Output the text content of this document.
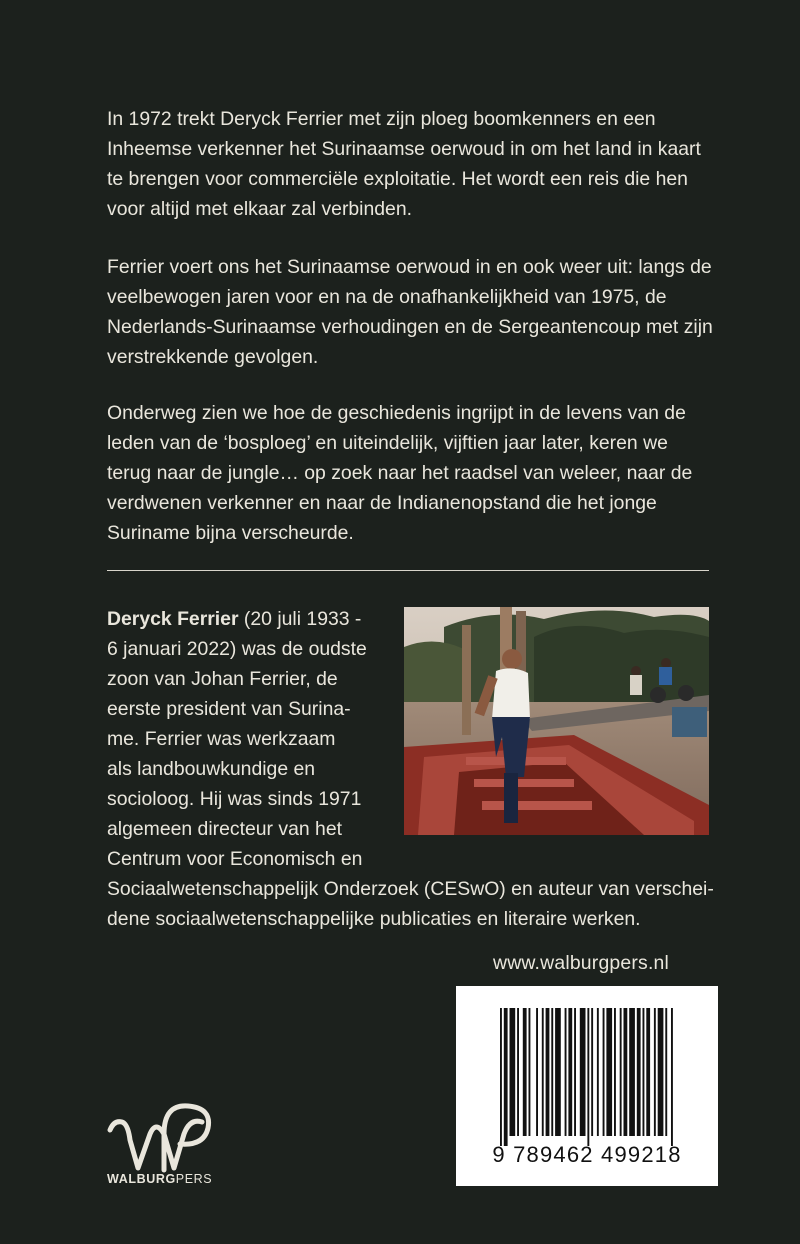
In 1972 trekt Deryck Ferrier met zijn ploeg boomkenners en een Inheemse verkenner het Surinaamse oerwoud in om het land in kaart te brengen voor commerciële exploitatie. Het wordt een reis die hen voor altijd met elkaar zal verbinden.

Ferrier voert ons het Surinaamse oerwoud in en ook weer uit: langs de veelbewogen jaren voor en na de onafhankelijkheid van 1975, de Nederlands-Surinaamse verhoudingen en de Sergeantencoup met zijn verstrekkende gevolgen.

Onderweg zien we hoe de geschiedenis ingrijpt in de levens van de leden van de ‘bosploeg’ en uiteindelijk, vijftien jaar later, keren we terug naar de jungle… op zoek naar het raadsel van weleer, naar de verdwenen verkenner en naar de Indianenopstand die het jonge Suriname bijna verscheurde.

Deryck Ferrier (20 juli 1933 -
6 januari 2022) was de oudste
zoon van Johan Ferrier, de
eerste president van Surina-
me. Ferrier was werkzaam
als landbouwkundige en
socioloog. Hij was sinds 1971
algemeen directeur van het
Centrum voor Economisch en
Sociaalwetenschappelijk Onderzoek (CESwO) en auteur van verschei-
dene sociaalwetenschappelijke publicaties en literaire werken.
www.walburgpers.nl
9 789462 499218
WALBURGPERS
